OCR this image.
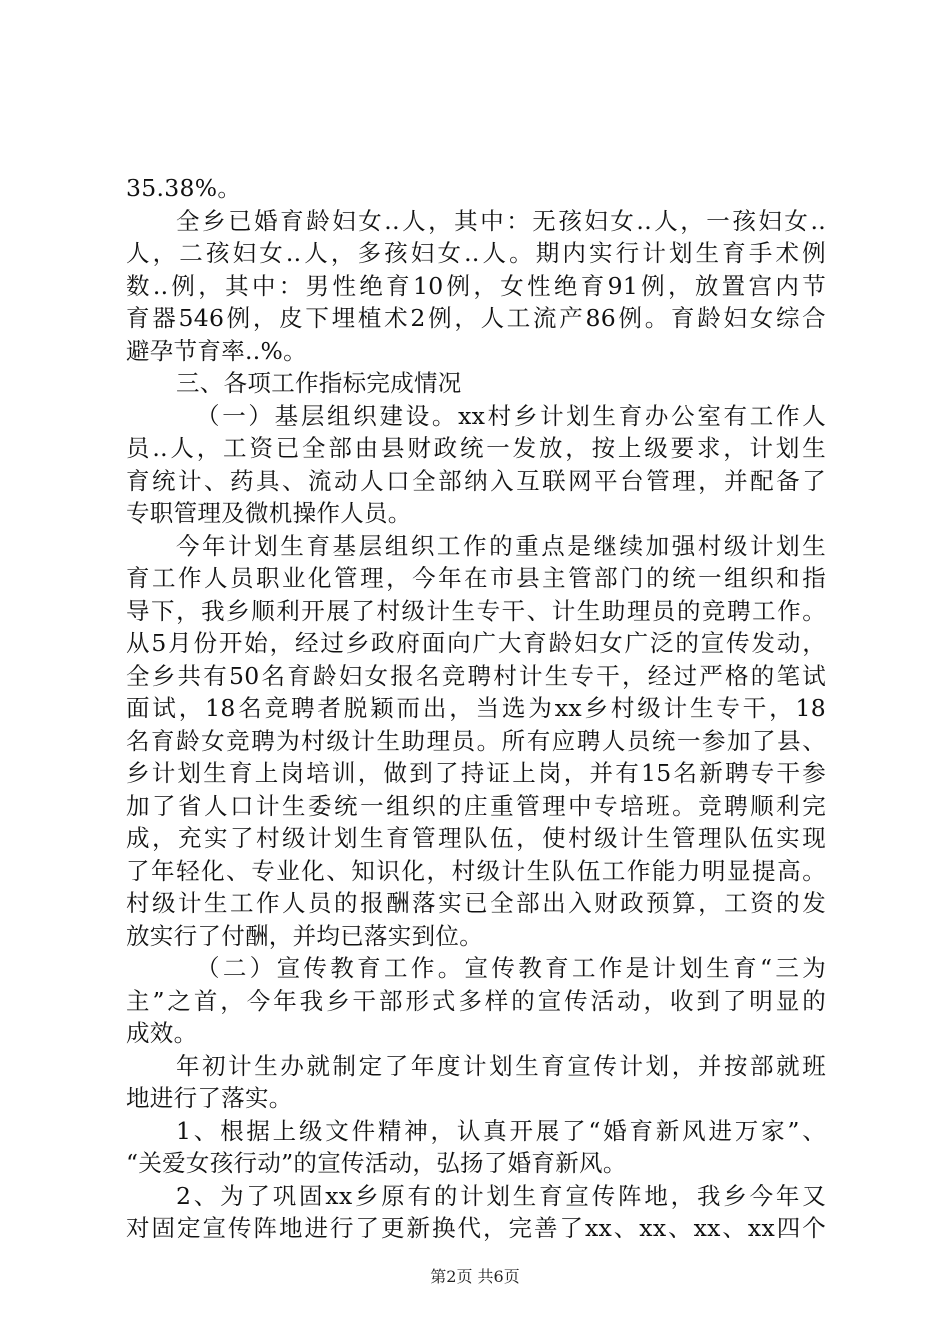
35.38%。
全乡已婚育龄妇女..人，其中：无孩妇女..人，一孩妇女..
人，二孩妇女..人，多孩妇女..人。期内实行计划生育手术例
数..例，其中：男性绝育10例，女性绝育91例，放置宫内节
育器546例，皮下埋植术2例，人工流产86例。育龄妇女综合
避孕节育率..%。
三、各项工作指标完成情况
（一）基层组织建设。xx村乡计划生育办公室有工作人
员..人，工资已全部由县财政统一发放，按上级要求，计划生
育统计、药具、流动人口全部纳入互联网平台管理，并配备了
专职管理及微机操作人员。
今年计划生育基层组织工作的重点是继续加强村级计划生
育工作人员职业化管理，今年在市县主管部门的统一组织和指
导下，我乡顺利开展了村级计生专干、计生助理员的竞聘工作。
从5月份开始，经过乡政府面向广大育龄妇女广泛的宣传发动，
全乡共有50名育龄妇女报名竞聘村计生专干，经过严格的笔试
面试，18名竞聘者脱颖而出，当选为xx乡村级计生专干，18
名育龄女竞聘为村级计生助理员。所有应聘人员统一参加了县、
乡计划生育上岗培训，做到了持证上岗，并有15名新聘专干参
加了省人口计生委统一组织的庄重管理中专培班。竞聘顺利完
成，充实了村级计划生育管理队伍，使村级计生管理队伍实现
了年轻化、专业化、知识化，村级计生队伍工作能力明显提高。
村级计生工作人员的报酬落实已全部出入财政预算，工资的发
放实行了付酬，并均已落实到位。
（二）宣传教育工作。宣传教育工作是计划生育“三为
主”之首，今年我乡干部形式多样的宣传活动，收到了明显的
成效。
年初计生办就制定了年度计划生育宣传计划，并按部就班
地进行了落实。
1、根据上级文件精神，认真开展了“婚育新风进万家”、
“关爱女孩行动”的宣传活动，弘扬了婚育新风。
2、为了巩固xx乡原有的计划生育宣传阵地，我乡今年又
对固定宣传阵地进行了更新换代，完善了xx、xx、xx、xx四个
第2页 共6页
